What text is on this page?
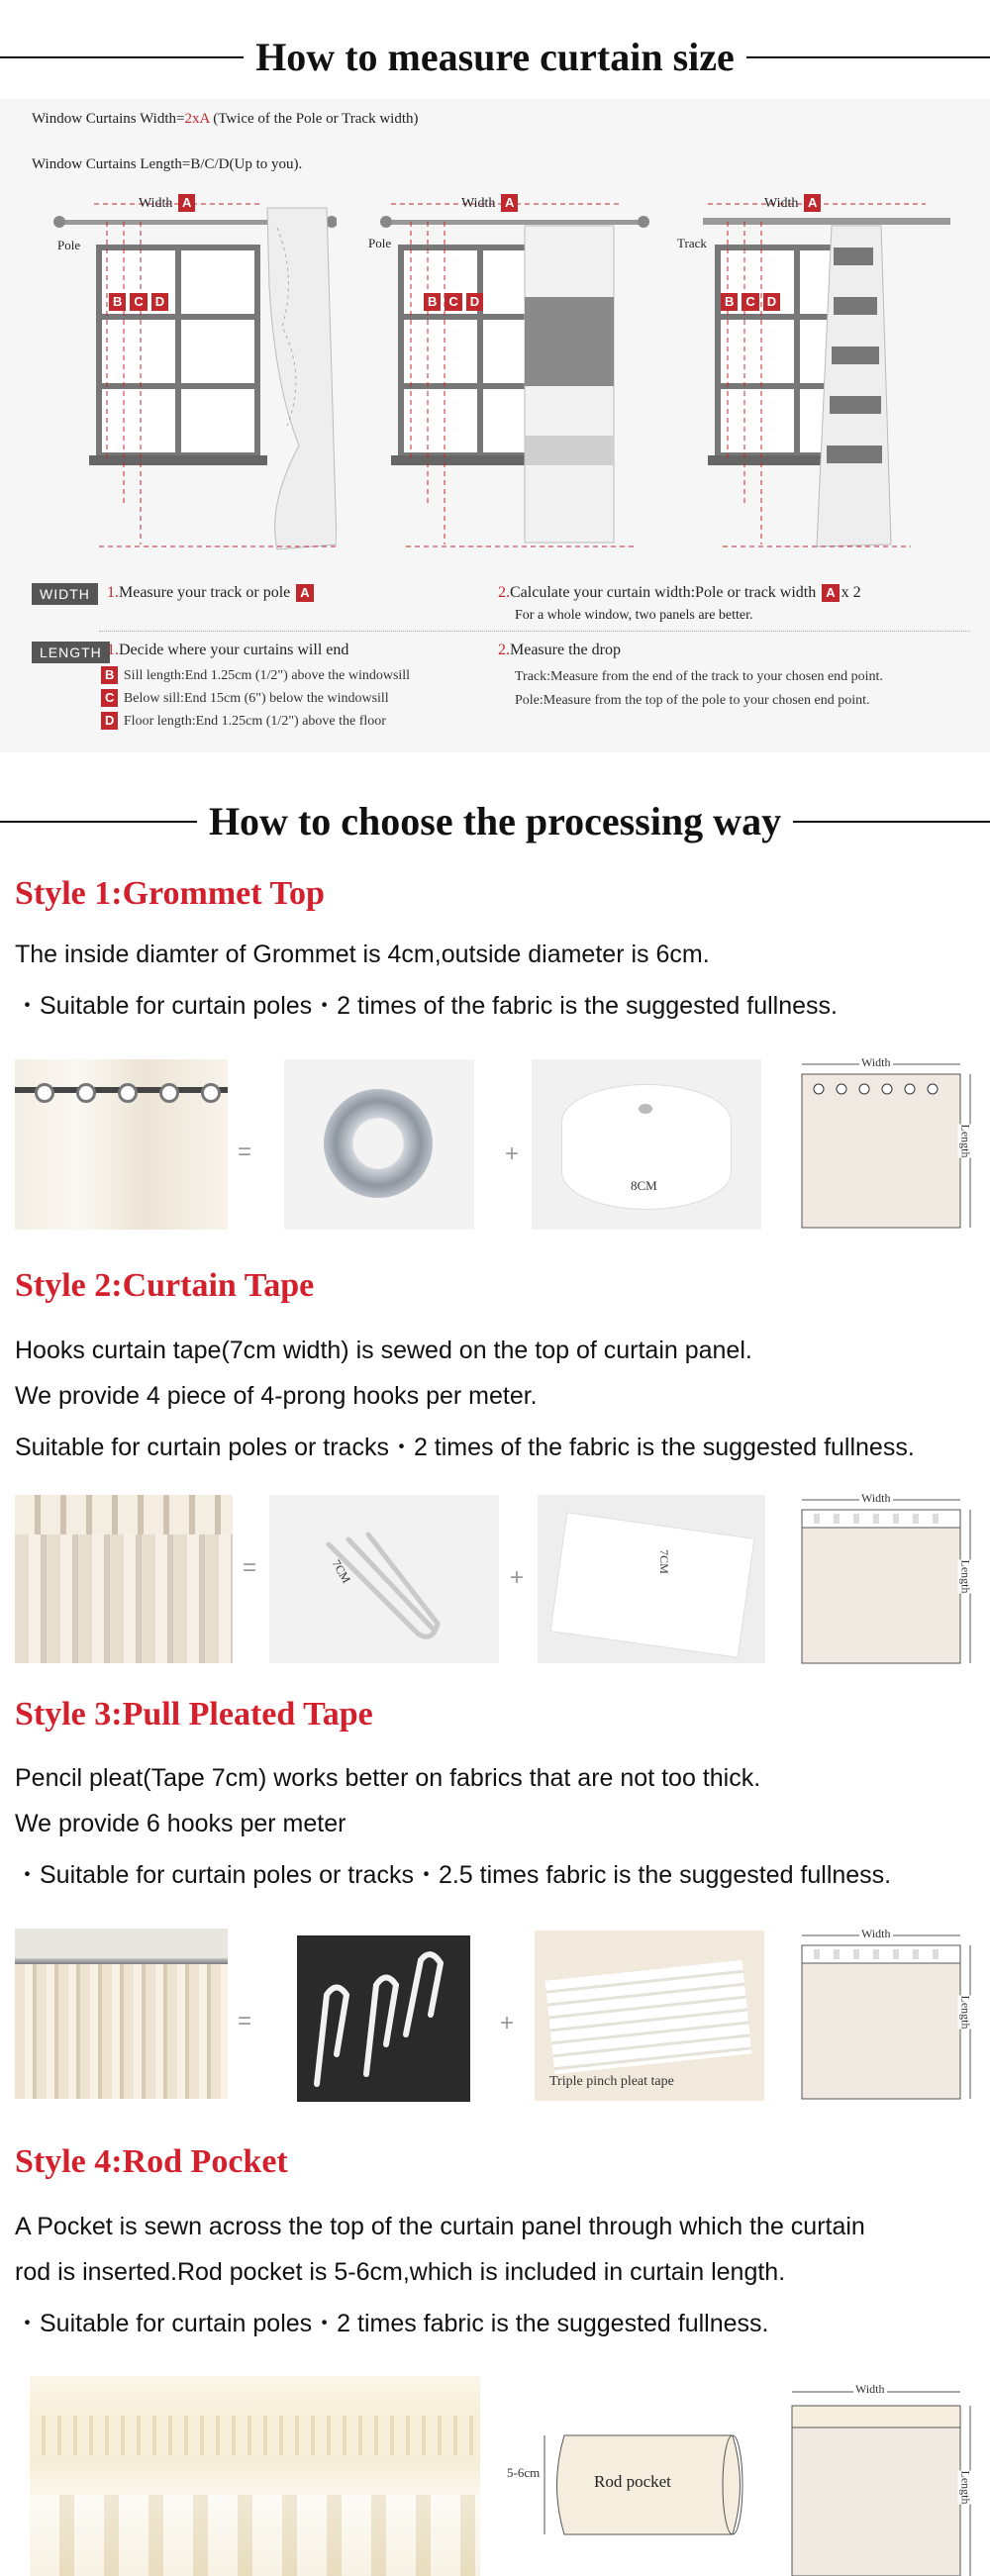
How to measure curtain size
Window Curtains Width=2xA (Twice of the Pole or Track width)
Window Curtains Length=B/C/D(Up to you).
Pole
Width A
B C D
Pole
Width A
B C D
Track
Width A
B C D
WIDTH	1.Measure your track or pole A	2.Calculate your curtain width:Pole or track width A x 2
For a whole window, two panels are better.
LENGTH 1.Decide where your curtains will end
B Sill length:End 1.25cm (1/2") above the windowsill
C Below sill:End 15cm (6") below the windowsill
D Floor length:End 1.25cm (1/2") above the floor
2.Measure the drop
Track:Measure from the end of the track to your chosen end point.
Pole:Measure from the top of the pole to your chosen end point.
How to choose the processing way
Style 1:Grommet Top
The inside diamter of Grommet is 4cm,outside diameter is 6cm.
・Suitable for curtain poles・2 times of the fabric is the suggested fullness.
=	+
8CM
Width
Length
Style 2:Curtain Tape
Hooks curtain tape(7cm width) is sewed on the top of curtain panel.
We provide 4 piece of 4-prong hooks per meter.
Suitable for curtain poles or tracks・2 times of the fabric is the suggested fullness.
=	7CM	+
7CM
Width
Length
Style 3:Pull Pleated Tape
Pencil pleat(Tape 7cm) works better on fabrics that are not too thick.
We provide 6 hooks per meter
・Suitable for curtain poles or tracks・2.5 times fabric is the suggested fullness.
=	+
Triple pinch pleat tape
Width
Length
Style 4:Rod Pocket
A Pocket is sewn across the top of the curtain panel through which the curtain
rod is inserted.Rod pocket is 5-6cm,which is included in curtain length.
・Suitable for curtain poles・2 times fabric is the suggested fullness.
5-6cm	Rod pocket
Width
Length
